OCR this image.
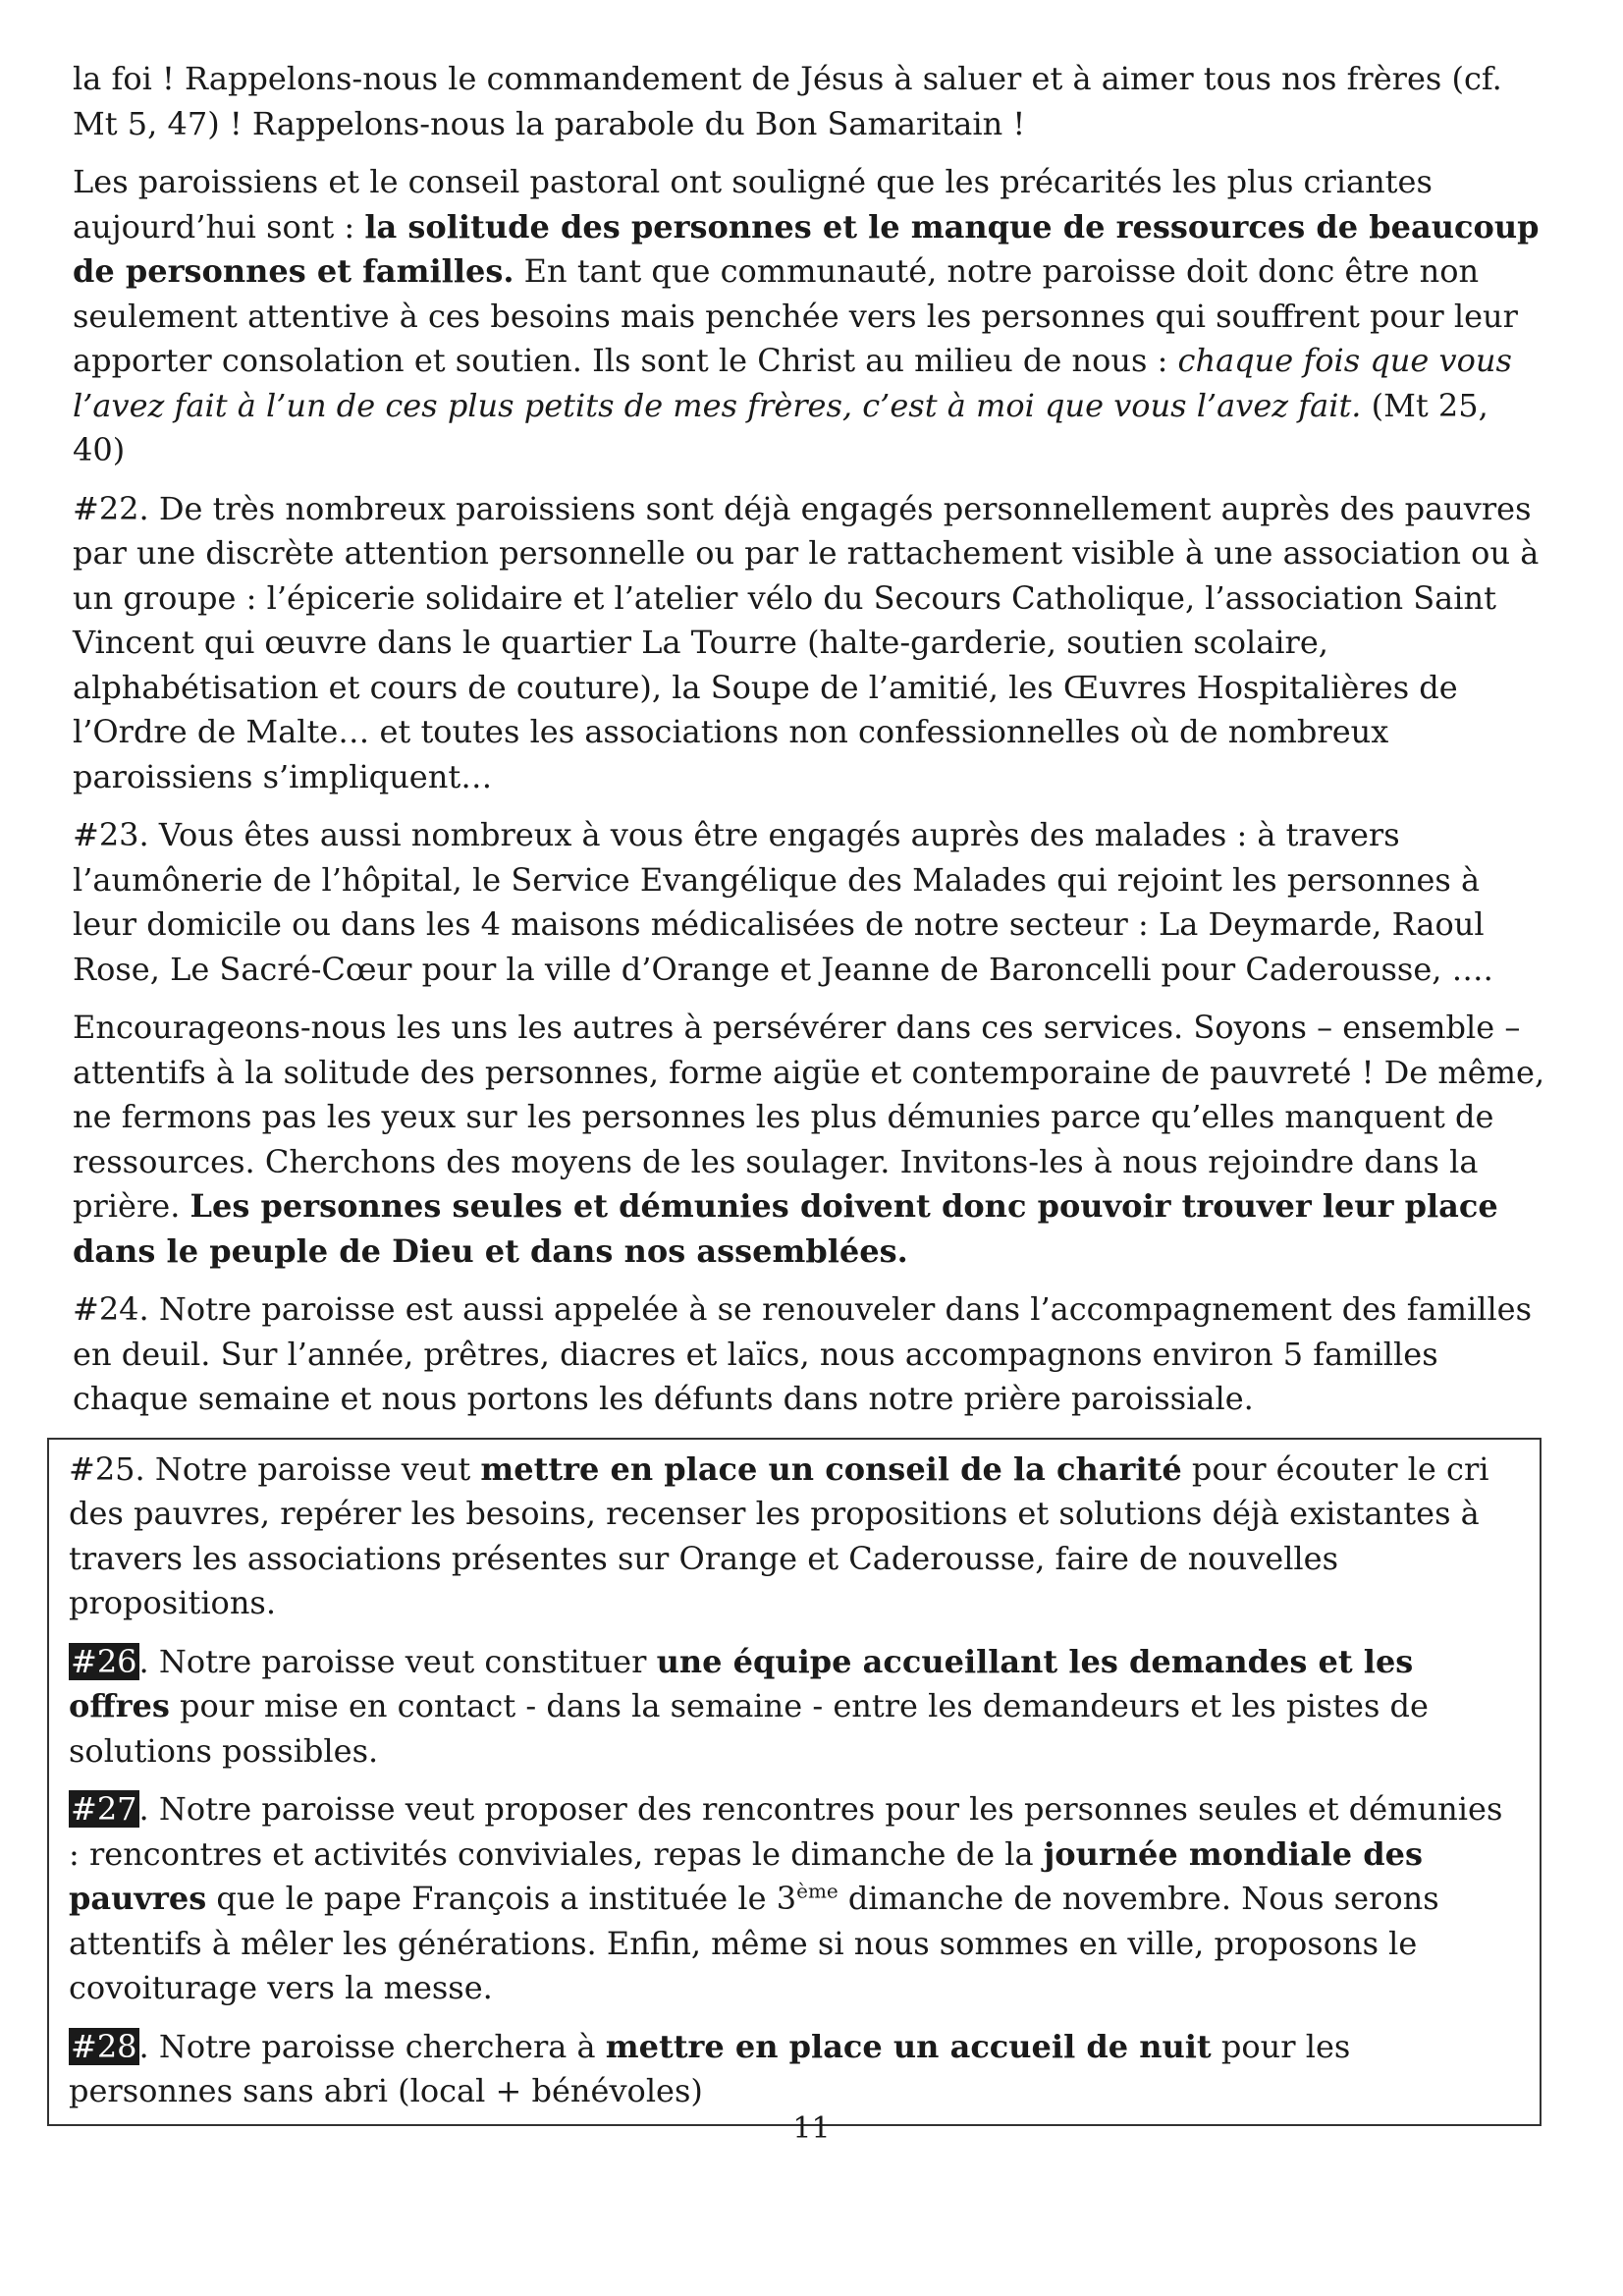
la foi ! Rappelons-nous le commandement de Jésus à saluer et à aimer tous nos frères (cf. Mt 5, 47) ! Rappelons-nous la parabole du Bon Samaritain !

Les paroissiens et le conseil pastoral ont souligné que les précarités les plus criantes aujourd’hui sont : la solitude des personnes et le manque de ressources de beaucoup de personnes et familles. En tant que communauté, notre paroisse doit donc être non seulement attentive à ces besoins mais penchée vers les personnes qui souffrent pour leur apporter consolation et soutien. Ils sont le Christ au milieu de nous : chaque fois que vous l’avez fait à l’un de ces plus petits de mes frères, c’est à moi que vous l’avez fait. (Mt 25, 40)

#22. De très nombreux paroissiens sont déjà engagés personnellement auprès des pauvres par une discrète attention personnelle ou par le rattachement visible à une association ou à un groupe : l’épicerie solidaire et l’atelier vélo du Secours Catholique, l’association Saint Vincent qui œuvre dans le quartier La Tourre (halte-garderie, soutien scolaire, alphabétisation et cours de couture), la Soupe de l’amitié, les Œuvres Hospitalières de l’Ordre de Malte… et toutes les associations non confessionnelles où de nombreux paroissiens s’impliquent…

#23. Vous êtes aussi nombreux à vous être engagés auprès des malades : à travers l’aumônerie de l’hôpital, le Service Evangélique des Malades qui rejoint les personnes à leur domicile ou dans les 4 maisons médicalisées de notre secteur : La Deymarde, Raoul Rose, Le Sacré-Cœur pour la ville d’Orange et Jeanne de Baroncelli pour Caderousse, ….

Encourageons-nous les uns les autres à persévérer dans ces services. Soyons – ensemble – attentifs à la solitude des personnes, forme aigüe et contemporaine de pauvreté ! De même, ne fermons pas les yeux sur les personnes les plus démunies parce qu’elles manquent de ressources. Cherchons des moyens de les soulager. Invitons-les à nous rejoindre dans la prière. Les personnes seules et démunies doivent donc pouvoir trouver leur place dans le peuple de Dieu et dans nos assemblées.

#24. Notre paroisse est aussi appelée à se renouveler dans l’accompagnement des familles en deuil. Sur l’année, prêtres, diacres et laïcs, nous accompagnons environ 5 familles chaque semaine et nous portons les défunts dans notre prière paroissiale.

#25. Notre paroisse veut mettre en place un conseil de la charité pour écouter le cri des pauvres, repérer les besoins, recenser les propositions et solutions déjà existantes à travers les associations présentes sur Orange et Caderousse, faire de nouvelles propositions.

#26. Notre paroisse veut constituer une équipe accueillant les demandes et les offres pour mise en contact - dans la semaine - entre les demandeurs et les pistes de solutions possibles.

#27. Notre paroisse veut proposer des rencontres pour les personnes seules et démunies : rencontres et activités conviviales, repas le dimanche de la journée mondiale des pauvres que le pape François a instituée le 3ème dimanche de novembre. Nous serons attentifs à mêler les générations. Enfin, même si nous sommes en ville, proposons le covoiturage vers la messe.

#28. Notre paroisse cherchera à mettre en place un accueil de nuit pour les personnes sans abri (local + bénévoles)

11
